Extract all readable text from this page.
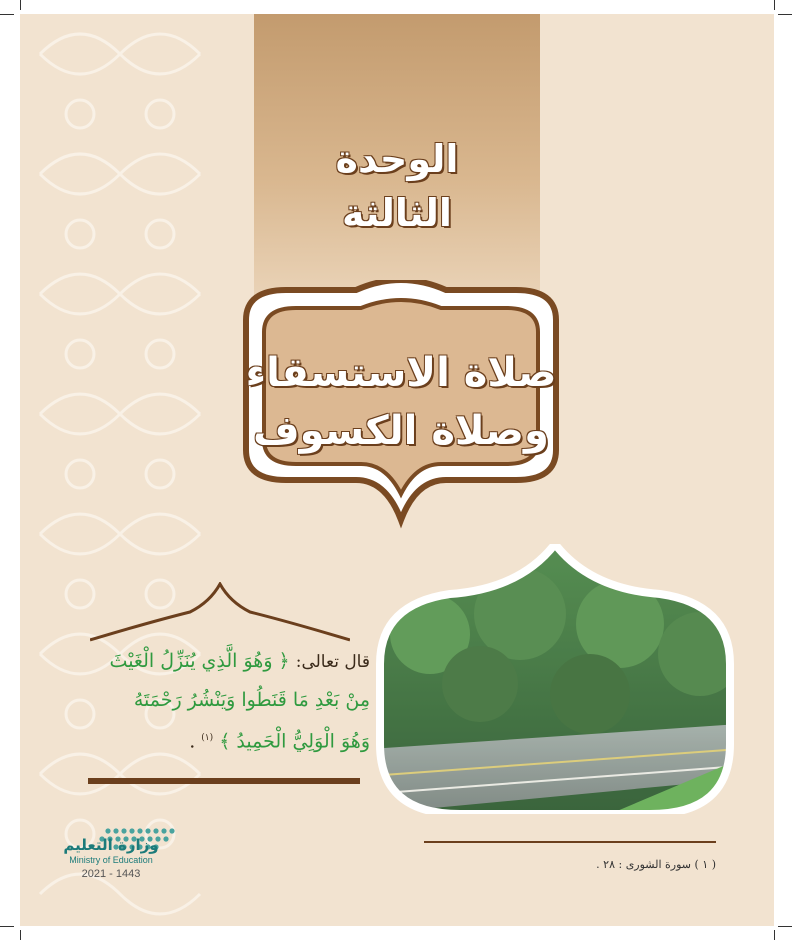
الوحدة
الثالثة
صلاة الاستسقاء
وصلاة الكسوف
قال تعالى: ﴿ وَهُوَ الَّذِي يُنَزِّلُ الْغَيْثَ
مِنْ بَعْدِ مَا قَنَطُوا وَيَنْشُرُ رَحْمَتَهُ
وَهُوَ الْوَلِيُّ الْحَمِيدُ ﴾ $^{(١)}$ .
( ١ ) سورة الشورى : ٢٨ .
وزارة التعليم
Ministry of Education
2021 - 1443
